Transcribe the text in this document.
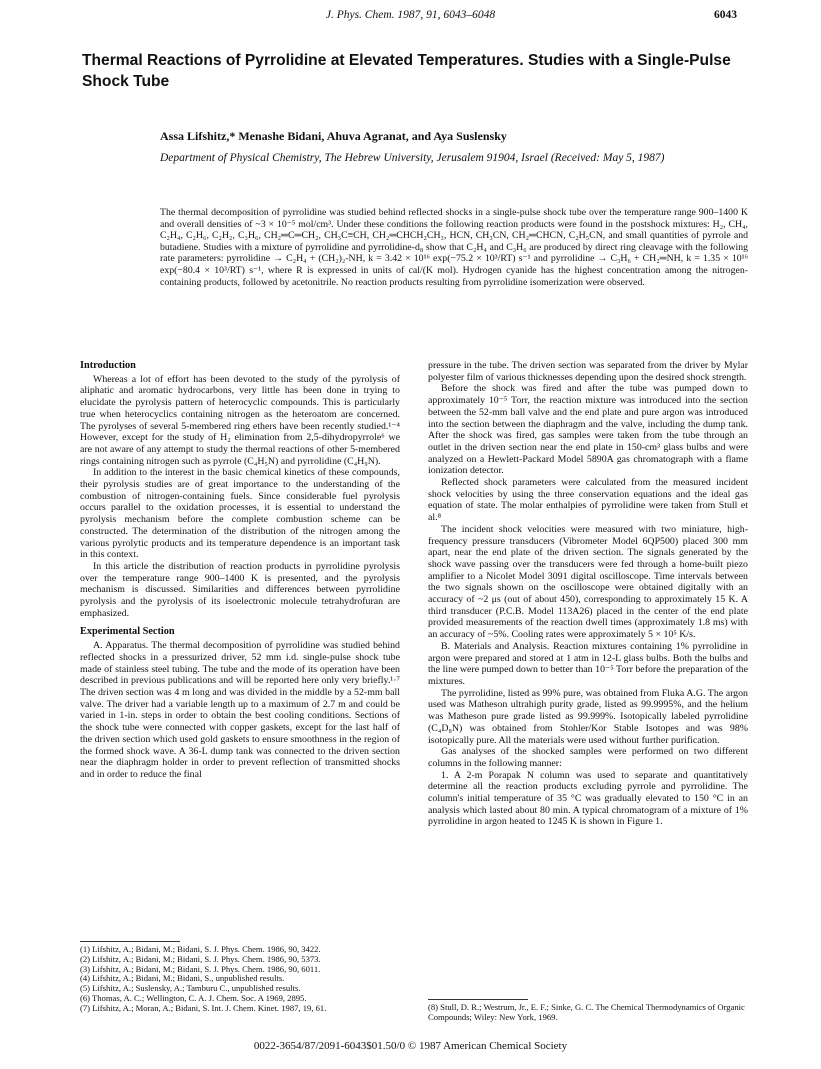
J. Phys. Chem. 1987, 91, 6043–6048	6043
Thermal Reactions of Pyrrolidine at Elevated Temperatures. Studies with a Single-Pulse Shock Tube

Assa Lifshitz,* Menashe Bidani, Ahuva Agranat, and Aya Suslensky

Department of Physical Chemistry, The Hebrew University, Jerusalem 91904, Israel (Received: May 5, 1987)

The thermal decomposition of pyrrolidine was studied behind reflected shocks in a single-pulse shock tube over the temperature range 900–1400 K and overall densities of ~3 × 10⁻⁵ mol/cm³. Under these conditions the following reaction products were found in the postshock mixtures: H₂, CH₄, C₂H₄, C₂H₆, C₂H₂, C₃H₆, CH₂═C═CH₂, CH₃C≡CH, CH₂═CHCH₂CH₃, HCN, CH₃CN, CH₂═CHCN, C₂H₅CN, and small quantities of pyrrole and butadiene. Studies with a mixture of pyrrolidine and pyrrolidine-d₈ show that C₂H₄ and C₃H₆ are produced by direct ring cleavage with the following rate parameters: pyrrolidine → C₂H₄ + (CH₂)₂-NH, k = 3.42 × 10¹⁶ exp(−75.2 × 10³/RT) s⁻¹ and pyrrolidine → C₃H₆ + CH₂═NH, k = 1.35 × 10¹⁶ exp(−80.4 × 10³/RT) s⁻¹, where R is expressed in units of cal/(K mol). Hydrogen cyanide has the highest concentration among the nitrogen-containing products, followed by acetonitrile. No reaction products resulting from pyrrolidine isomerization were observed.

Introduction

Whereas a lot of effort has been devoted to the study of the pyrolysis of aliphatic and aromatic hydrocarbons, very little has been done in trying to elucidate the pyrolysis pattern of heterocyclic compounds. This is particularly true when heterocyclics containing nitrogen as the heteroatom are concerned. The pyrolyses of several 5-membered ring ethers have been recently studied.¹⁻⁴ However, except for the study of H₂ elimination from 2,5-dihydropyrrole⁶ we are not aware of any attempt to study the thermal reactions of other 5-membered rings containing nitrogen such as pyrrole (C₄H₅N) and pyrrolidine (C₄H₉N).

In addition to the interest in the basic chemical kinetics of these compounds, their pyrolysis studies are of great importance to the understanding of the combustion of nitrogen-containing fuels. Since considerable fuel pyrolysis occurs parallel to the oxidation processes, it is essential to understand the pyrolysis mechanism before the complete combustion scheme can be constructed. The determination of the distribution of the nitrogen among the various pyrolytic products and its temperature dependence is an important task in this context.

In this article the distribution of reaction products in pyrrolidine pyrolysis over the temperature range 900–1400 K is presented, and the pyrolysis mechanism is discussed. Similarities and differences between pyrrolidine pyrolysis and the pyrolysis of its isoelectronic molecule tetrahydrofuran are emphasized.

Experimental Section

A. Apparatus. The thermal decomposition of pyrrolidine was studied behind reflected shocks in a pressurized driver, 52 mm i.d. single-pulse shock tube made of stainless steel tubing. The tube and the mode of its operation have been described in previous publications and will be reported here only very briefly.¹·⁷ The driven section was 4 m long and was divided in the middle by a 52-mm ball valve. The driver had a variable length up to a maximum of 2.7 m and could be varied in 1-in. steps in order to obtain the best cooling conditions. Sections of the shock tube were connected with copper gaskets, except for the last half of the driven section which used gold gaskets to ensure smoothness in the region of the formed shock wave. A 36-L dump tank was connected to the driven section near the diaphragm holder in order to prevent reflection of transmitted shocks and in order to reduce the final

pressure in the tube. The driven section was separated from the driver by Mylar polyester film of various thicknesses depending upon the desired shock strength.

Before the shock was fired and after the tube was pumped down to approximately 10⁻⁵ Torr, the reaction mixture was introduced into the section between the 52-mm ball valve and the end plate and pure argon was introduced into the section between the diaphragm and the valve, including the dump tank. After the shock was fired, gas samples were taken from the tube through an outlet in the driven section near the end plate in 150-cm³ glass bulbs and were analyzed on a Hewlett-Packard Model 5890A gas chromatograph with a flame ionization detector.

Reflected shock parameters were calculated from the measured incident shock velocities by using the three conservation equations and the ideal gas equation of state. The molar enthalpies of pyrrolidine were taken from Stull et al.⁸

The incident shock velocities were measured with two miniature, high-frequency pressure transducers (Vibrometer Model 6QP500) placed 300 mm apart, near the end plate of the driven section. The signals generated by the shock wave passing over the transducers were fed through a home-built piezo amplifier to a Nicolet Model 3091 digital oscilloscope. Time intervals between the two signals shown on the oscilloscope were obtained digitally with an accuracy of ~2 μs (out of about 450), corresponding to approximately 15 K. A third transducer (P.C.B. Model 113A26) placed in the center of the end plate provided measurements of the reaction dwell times (approximately 1.8 ms) with an accuracy of ~5%. Cooling rates were approximately 5 × 10⁵ K/s.

B. Materials and Analysis. Reaction mixtures containing 1% pyrrolidine in argon were prepared and stored at 1 atm in 12-L glass bulbs. Both the bulbs and the line were pumped down to better than 10⁻⁵ Torr before the preparation of the mixtures.

The pyrrolidine, listed as 99% pure, was obtained from Fluka A.G. The argon used was Matheson ultrahigh purity grade, listed as 99.9995%, and the helium was Matheson pure grade listed as 99.999%. Isotopically labeled pyrrolidine (C₄D₈N) was obtained from Stohler/Kor Stable Isotopes and was 98% isotopically pure. All the materials were used without further purification.

Gas analyses of the shocked samples were performed on two different columns in the following manner:

1. A 2-m Porapak N column was used to separate and quantitatively determine all the reaction products excluding pyrrole and pyrrolidine. The column's initial temperature of 35 °C was gradually elevated to 150 °C in an analysis which lasted about 80 min. A typical chromatogram of a mixture of 1% pyrrolidine in argon heated to 1245 K is shown in Figure 1.

(1) Lifshitz, A.; Bidani, M.; Bidani, S. J. Phys. Chem. 1986, 90, 3422.

(2) Lifshitz, A.; Bidani, M.; Bidani, S. J. Phys. Chem. 1986, 90, 5373.

(3) Lifshitz, A.; Bidani, M.; Bidani, S. J. Phys. Chem. 1986, 90, 6011.

(4) Lifshitz, A.; Bidani, M.; Bidani, S., unpublished results.

(5) Lifshitz, A.; Suslensky, A.; Tamburu C., unpublished results.

(6) Thomas, A. C.; Wellington, C. A. J. Chem. Soc. A 1969, 2895.

(7) Lifshitz, A.; Moran, A.; Bidani, S. Int. J. Chem. Kinet. 1987, 19, 61.	(8) Stull, D. R.; Westrum, Jr., E. F.; Sinke, G. C. The Chemical Thermodynamics of Organic Compounds; Wiley: New York, 1969.

0022-3654/87/2091-6043$01.50/0 © 1987 American Chemical Society
